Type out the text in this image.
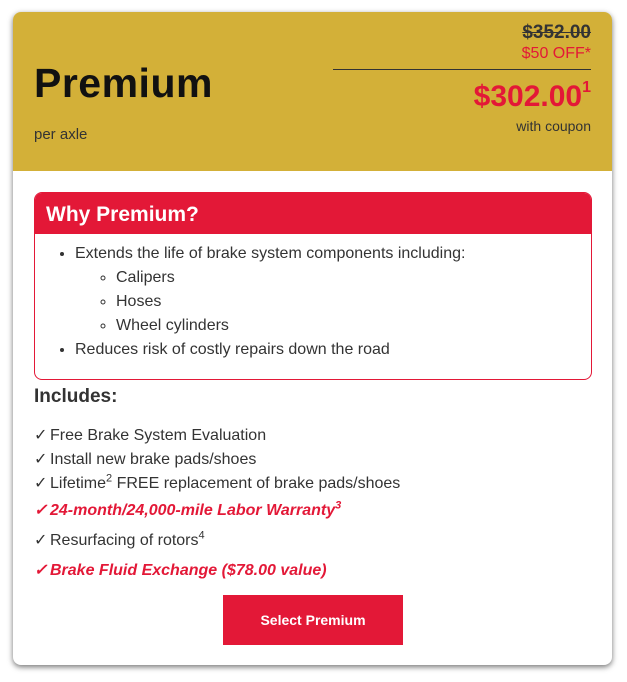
Premium
per axle
$352.00
$50 OFF*
$302.00$^1$
with coupon
Why Premium?
• Extends the life of brake system components including:
◦ Calipers
◦ Hoses
◦ Wheel cylinders
• Reduces risk of costly repairs down the road
Includes:
✓ Free Brake System Evaluation
✓ Install new brake pads/shoes
✓ Lifetime$^2$ FREE replacement of brake pads/shoes
✓ 24-month/24,000-mile Labor Warranty$^3$
✓ Resurfacing of rotors$^4$
✓ Brake Fluid Exchange ($78.00 value)
Select Premium
